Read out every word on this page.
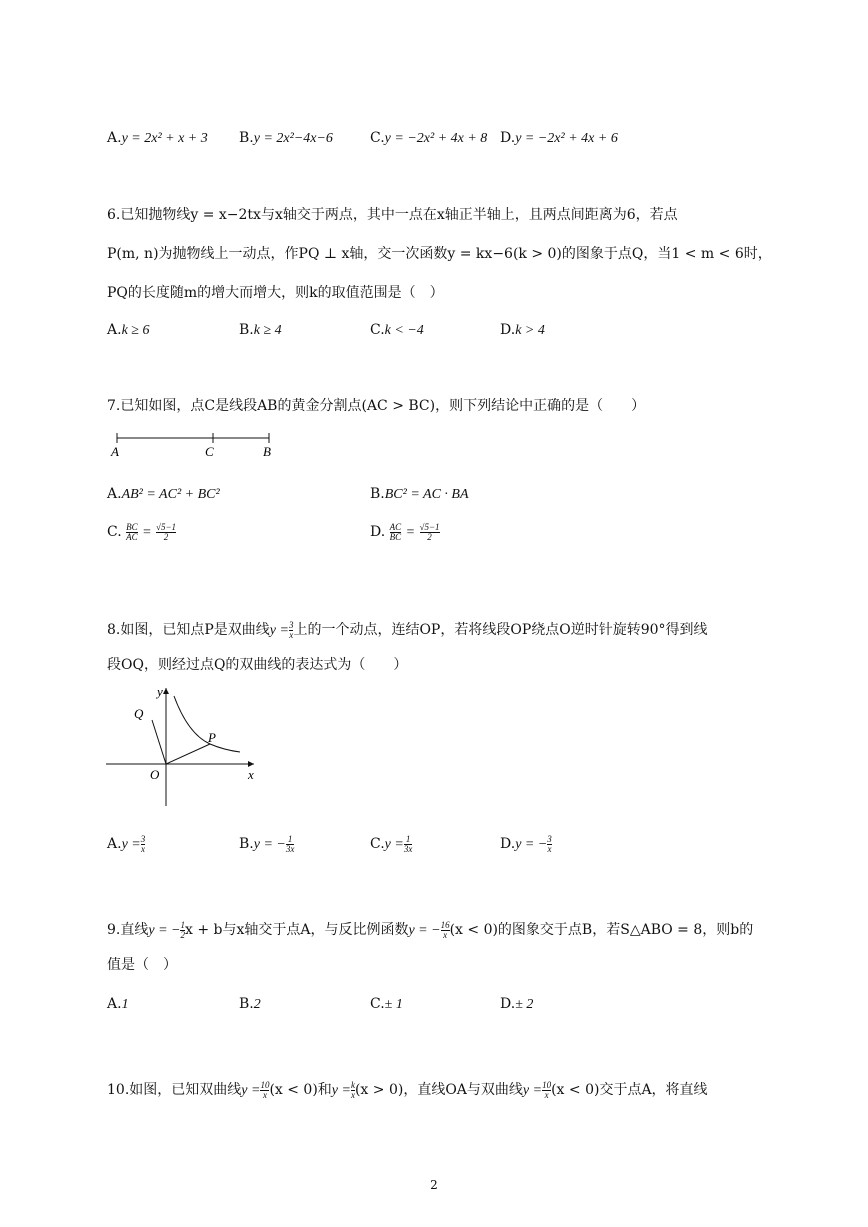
A.y = 2x² + x + 3 B.y = 2x²−4x−6	C.y = −2x² + 4x + 8 D.y = −2x² + 4x + 6
6.已知抛物线y = x−2tx与x轴交于两点，其中一点在x轴正半轴上，且两点间距离为6，若点
P(m, n)为抛物线上一动点，作PQ ⊥ x轴，交一次函数y = kx−6(k > 0)的图象于点Q，当1 < m < 6时，
PQ的长度随m的增大而增大，则k的取值范围是（　）
A.k ≥ 6	B.k ≥ 4	C.k < −4	D.k > 4
7.已知如图，点C是线段AB的黄金分割点(AC > BC)，则下列结论中正确的是（　　）
A	C	B
A.AB² = AC² + BC²	B.BC² = AC · BA
C. $\frac{BC}{AC} = \frac{√5-1}{2}$	D. $\frac{AC}{BC} = \frac{√5-1}{2}$
8.如图，已知点P是双曲线$y = \frac{3}{x}$ 上的一个动点，连结OP，若将线段OP绕点O逆时针旋转90°得到线
段OQ，则经过点Q的双曲线的表达式为（　　）
y
x
Q
P
O
$A.y = \frac{3}{x}$	B.y = − $\frac{1}{3x}$	$C.y = \frac{1}{3x}$	D.y = − $\frac{3}{x}$
9.直线y = − $\frac{1}{2}$ x + b与x轴交于点A，与反比例函数y = − $\frac{16}{x} (x < 0)$的图象交于点B，若S△ABO = 8，则b的
值是（　）
A.1	B.2	C.± 1	D.± 2
10.如图，已知双曲线$y = \frac{10}{x} (x < 0)$和$y = \frac{k}{x} (x > 0)$，直线OA与双曲线$y = \frac{10}{x} (x < 0)$交于点A，将直线
2
